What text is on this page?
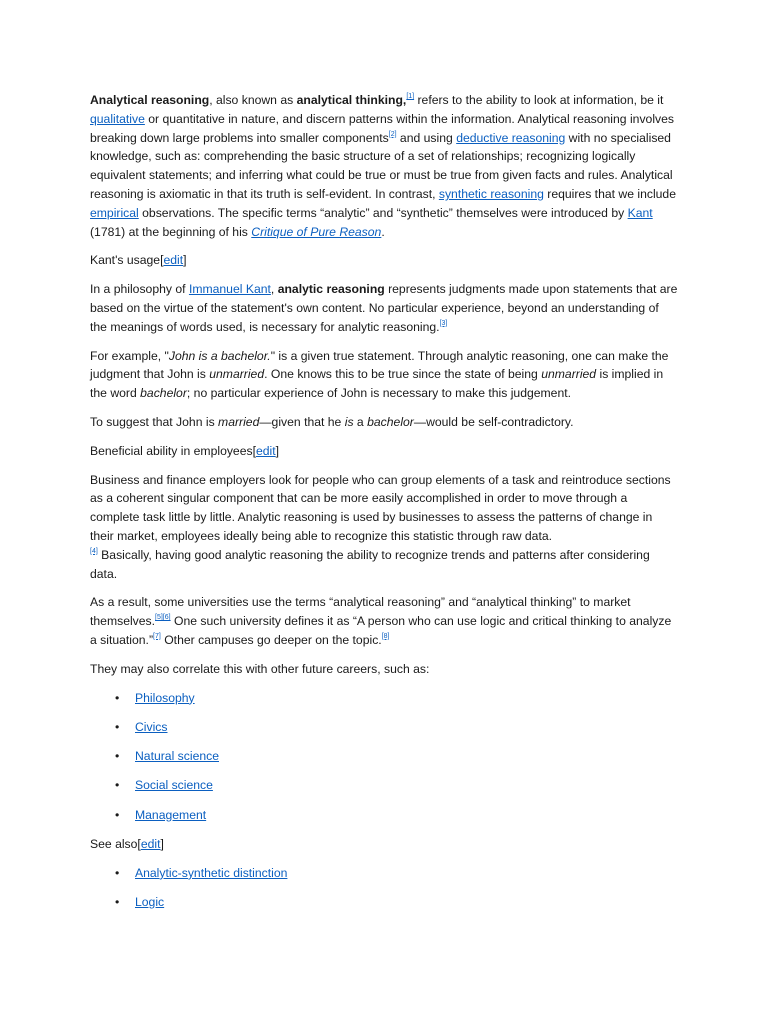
Analytical reasoning, also known as analytical thinking,[1] refers to the ability to look at information, be it qualitative or quantitative in nature, and discern patterns within the information. Analytical reasoning involves breaking down large problems into smaller components[2] and using deductive reasoning with no specialised knowledge, such as: comprehending the basic structure of a set of relationships; recognizing logically equivalent statements; and inferring what could be true or must be true from given facts and rules. Analytical reasoning is axiomatic in that its truth is self-evident. In contrast, synthetic reasoning requires that we include empirical observations. The specific terms “analytic” and “synthetic” themselves were introduced by Kant (1781) at the beginning of his Critique of Pure Reason.

Kant's usage[edit]

In a philosophy of Immanuel Kant, analytic reasoning represents judgments made upon statements that are based on the virtue of the statement's own content. No particular experience, beyond an understanding of the meanings of words used, is necessary for analytic reasoning.[3]

For example, "John is a bachelor." is a given true statement. Through analytic reasoning, one can make the judgment that John is unmarried. One knows this to be true since the state of being unmarried is implied in the word bachelor; no particular experience of John is necessary to make this judgement.

To suggest that John is married—given that he is a bachelor—would be self-contradictory.

Beneficial ability in employees[edit]

Business and finance employers look for people who can group elements of a task and reintroduce sections as a coherent singular component that can be more easily accomplished in order to move through a complete task little by little. Analytic reasoning is used by businesses to assess the patterns of change in their market, employees ideally being able to recognize this statistic through raw data.
[4] Basically, having good analytic reasoning the ability to recognize trends and patterns after considering data.

As a result, some universities use the terms “analytical reasoning” and “analytical thinking” to market themselves.[5][6] One such university defines it as “A person who can use logic and critical thinking to analyze a situation.”[7] Other campuses go deeper on the topic.[8]

They may also correlate this with other future careers, such as:

• Philosophy
• Civics
• Natural science
• Social science
• Management
See also[edit]
• Analytic-synthetic distinction
• Logic
